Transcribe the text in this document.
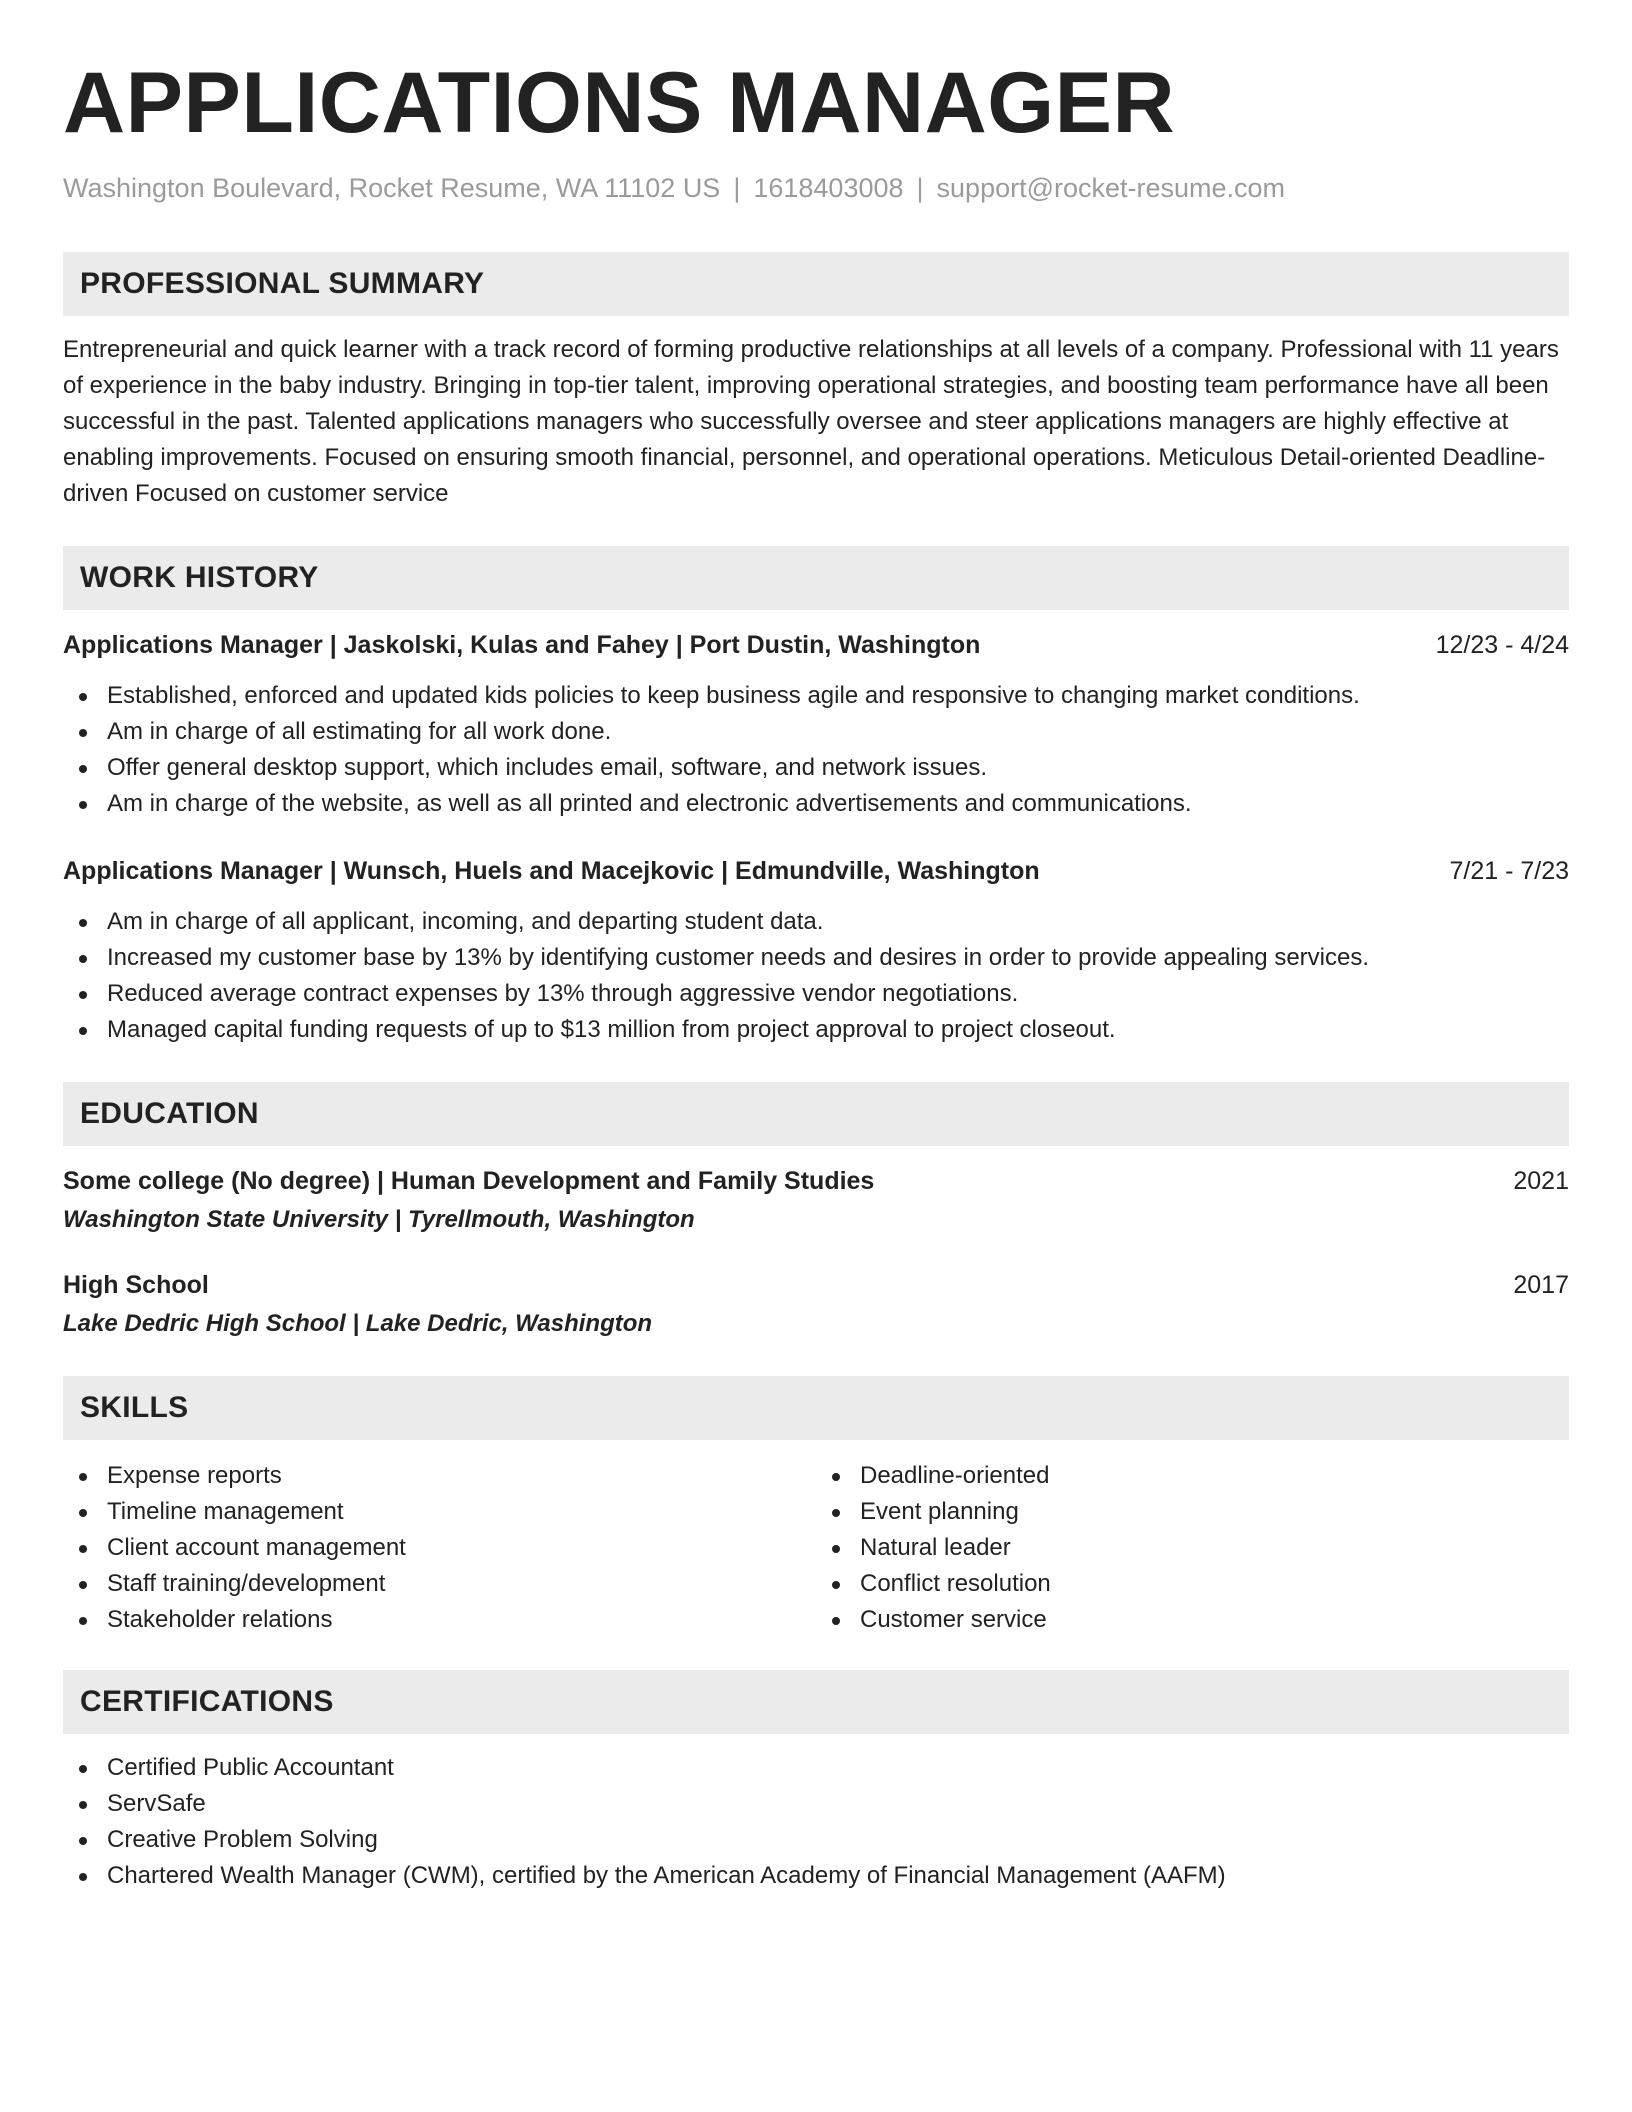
APPLICATIONS MANAGER
Washington Boulevard, Rocket Resume, WA 11102 US | 1618403008 | support@rocket-resume.com
PROFESSIONAL SUMMARY

Entrepreneurial and quick learner with a track record of forming productive relationships at all levels of a company. Professional with 11 years of experience in the baby industry. Bringing in top-tier talent, improving operational strategies, and boosting team performance have all been successful in the past. Talented applications managers who successfully oversee and steer applications managers are highly effective at enabling improvements. Focused on ensuring smooth financial, personnel, and operational operations. Meticulous Detail-oriented Deadline-driven Focused on customer service

WORK HISTORY
Applications Manager | Jaskolski, Kulas and Fahey | Port Dustin, Washington	12/23 - 4/24
Established, enforced and updated kids policies to keep business agile and responsive to changing market conditions.
Am in charge of all estimating for all work done.
Offer general desktop support, which includes email, software, and network issues.
Am in charge of the website, as well as all printed and electronic advertisements and communications.
Applications Manager | Wunsch, Huels and Macejkovic | Edmundville, Washington	7/21 - 7/23
Am in charge of all applicant, incoming, and departing student data.
Increased my customer base by 13% by identifying customer needs and desires in order to provide appealing services.
Reduced average contract expenses by 13% through aggressive vendor negotiations.
Managed capital funding requests of up to $13 million from project approval to project closeout.
EDUCATION
Some college (No degree) | Human Development and Family Studies	2021
Washington State University | Tyrellmouth, Washington
High School	2017
Lake Dedric High School | Lake Dedric, Washington
SKILLS
Expense reports
Timeline management
Client account management
Staff training/development
Stakeholder relations
Deadline-oriented
Event planning
Natural leader
Conflict resolution
Customer service
CERTIFICATIONS
Certified Public Accountant
ServSafe
Creative Problem Solving
Chartered Wealth Manager (CWM), certified by the American Academy of Financial Management (AAFM)
